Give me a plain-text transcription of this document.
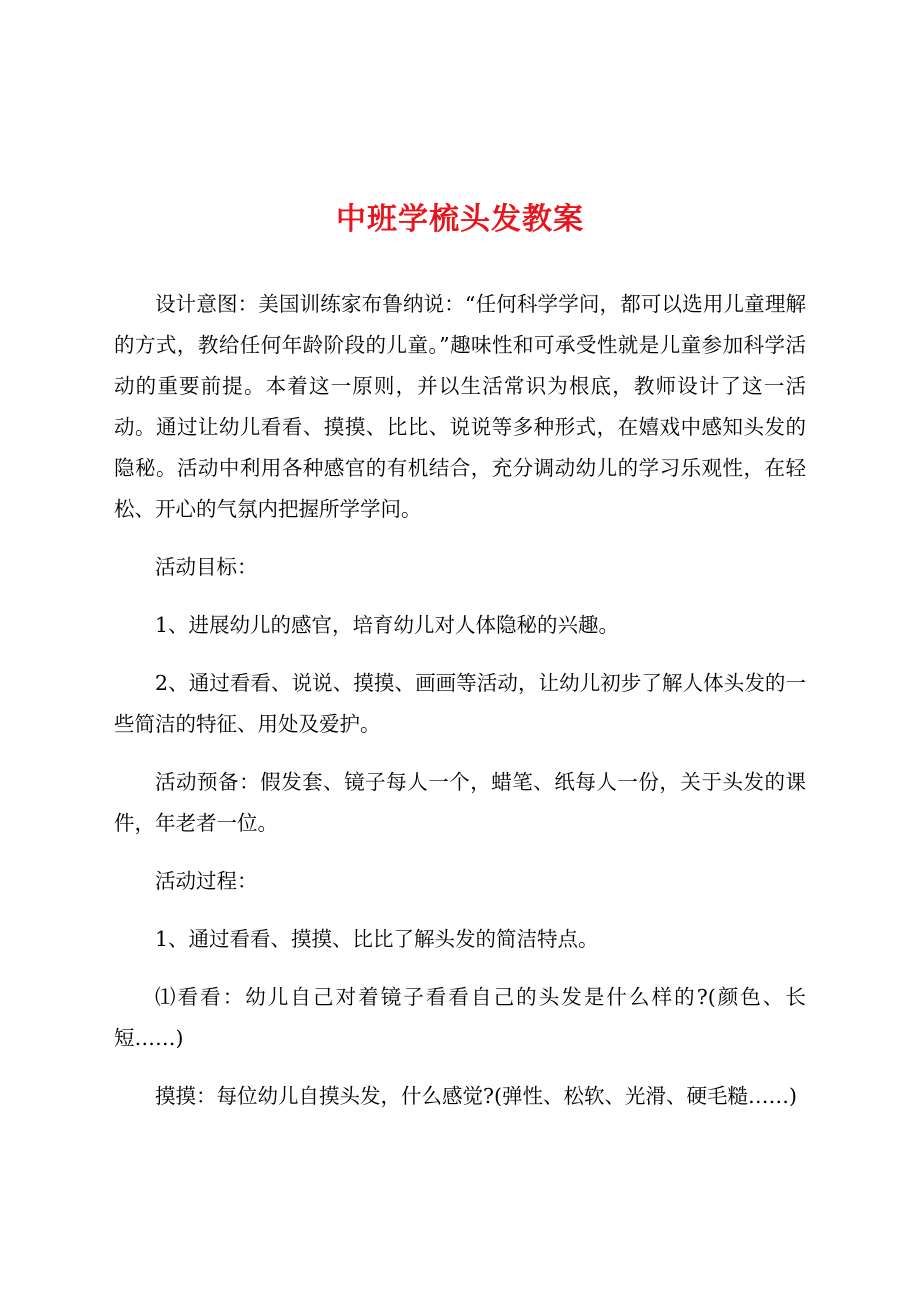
中班学梳头发教案

设计意图：美国训练家布鲁纳说：“任何科学学问，都可以选用儿童理解的方式，教给任何年龄阶段的儿童。”趣味性和可承受性就是儿童参加科学活动的重要前提。本着这一原则，并以生活常识为根底，教师设计了这一活动。通过让幼儿看看、摸摸、比比、说说等多种形式，在嬉戏中感知头发的隐秘。活动中利用各种感官的有机结合，充分调动幼儿的学习乐观性，在轻松、开心的气氛内把握所学学问。

活动目标：

1、进展幼儿的感官，培育幼儿对人体隐秘的兴趣。

2、通过看看、说说、摸摸、画画等活动，让幼儿初步了解人体头发的一些简洁的特征、用处及爱护。

活动预备：假发套、镜子每人一个，蜡笔、纸每人一份，关于头发的课件，年老者一位。

活动过程：

1、通过看看、摸摸、比比了解头发的简洁特点。

⑴看看：幼儿自己对着镜子看看自己的头发是什么样的?(颜色、长短……)

摸摸：每位幼儿自摸头发，什么感觉?(弹性、松软、光滑、硬毛糙……)
